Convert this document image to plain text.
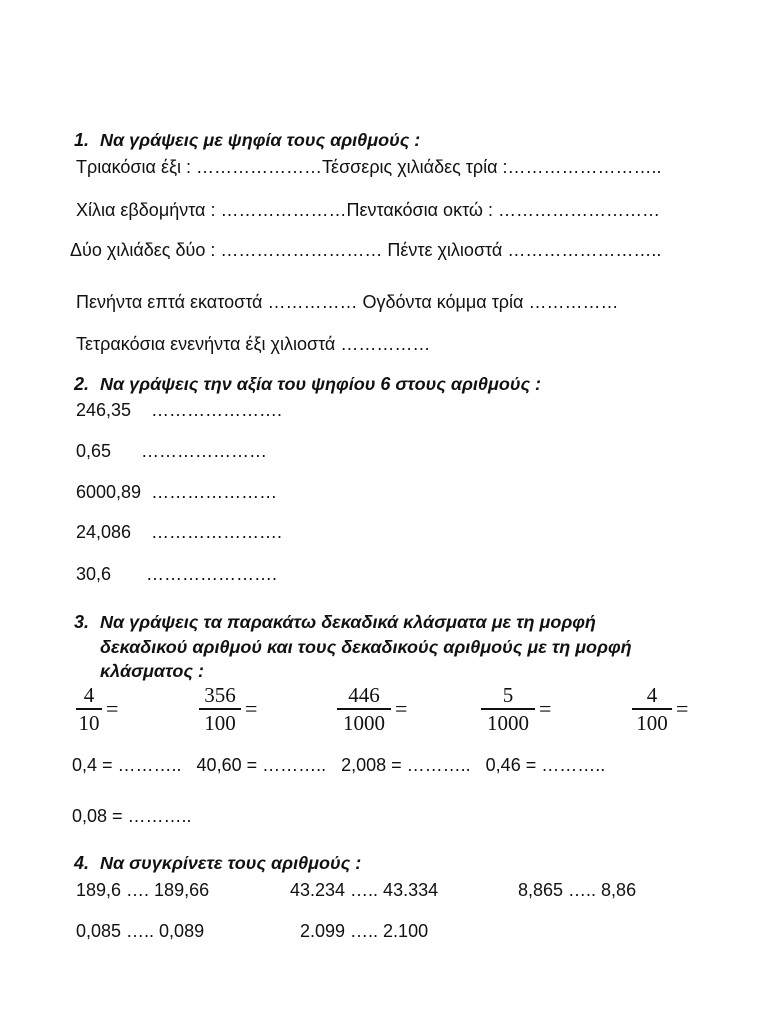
1. Να γράψεις με ψηφία τους αριθμούς :
Τριακόσια έξι : …………………Τέσσερις χιλιάδες τρία :……………………..
Χίλια εβδομήντα : …………………Πεντακόσια οκτώ : ………………………
Δύο χιλιάδες δύο : ……………………… Πέντε χιλιοστά ……………………..
Πενήντα επτά εκατοστά …………… Ογδόντα κόμμα τρία ……………
Τετρακόσια ενενήντα έξι χιλιοστά ……………
2. Να γράψεις την αξία του ψηφίου 6 στους αριθμούς :
246,35    ………………….
0,65      …………………
6000,89  …………………
24,086    ………………….
30,6       ………………….
3. Να γράψεις τα παρακάτω δεκαδικά κλάσματα με τη μορφή
δεκαδικού αριθμού και τους δεκαδικούς αριθμούς με τη μορφή
κλάσματος :
4
10
=
356
100
=
446
1000
=
5
1000
=
4
100
=
0,4 = ………..   40,60 = ………..   2,008 = ………..   0,46 = ………..
0,08 = ………..
4. Να συγκρίνετε τους αριθμούς :
189,6 …. 189,66	43.234 ….. 43.334	8,865 ….. 8,86
0,085 ….. 0,089	2.099 ….. 2.100
